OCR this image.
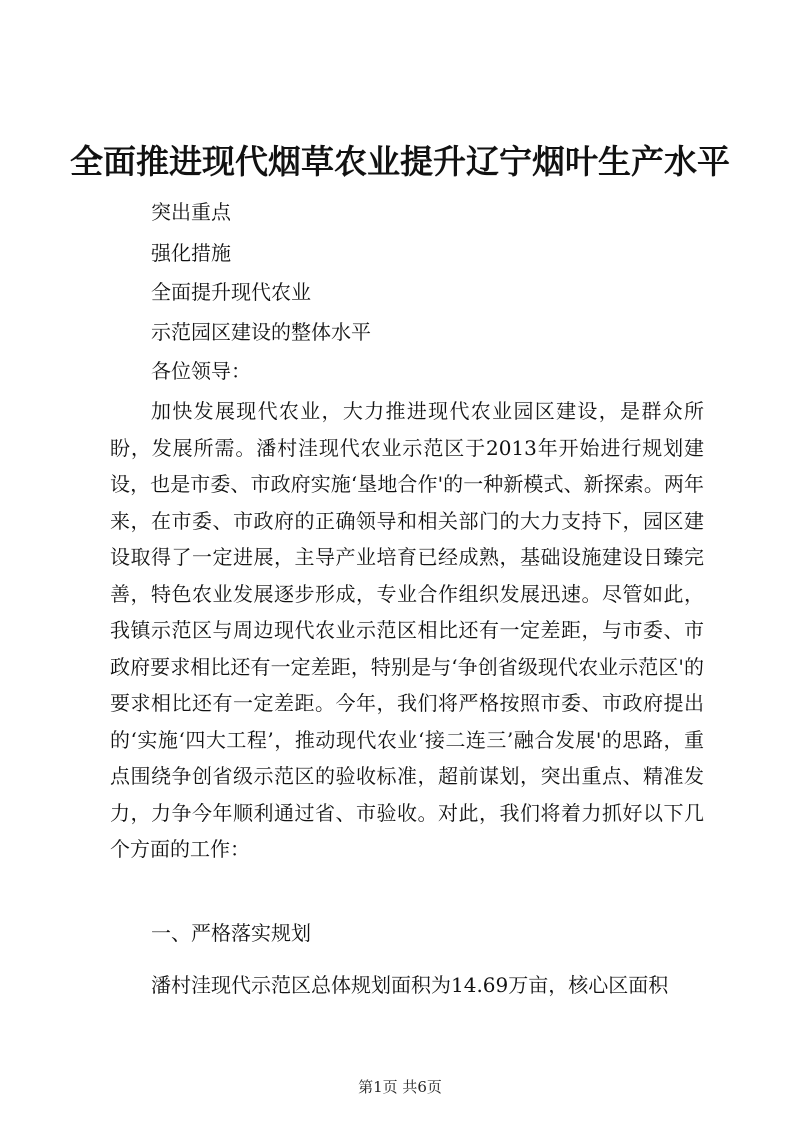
全面推进现代烟草农业提升辽宁烟叶生产水平

突出重点

强化措施

全面提升现代农业

示范园区建设的整体水平

各位领导：

加快发展现代农业，大力推进现代农业园区建设，是群众所盼，发展所需。潘村洼现代农业示范区于2013年开始进行规划建设，也是市委、市政府实施‘垦地合作'的一种新模式、新探索。两年来，在市委、市政府的正确领导和相关部门的大力支持下，园区建设取得了一定进展，主导产业培育已经成熟，基础设施建设日臻完善，特色农业发展逐步形成，专业合作组织发展迅速。尽管如此，我镇示范区与周边现代农业示范区相比还有一定差距，与市委、市政府要求相比还有一定差距，特别是与‘争创省级现代农业示范区'的要求相比还有一定差距。今年，我们将严格按照市委、市政府提出的‘实施‘四大工程’，推动现代农业‘接二连三’融合发展'的思路，重点围绕争创省级示范区的验收标准，超前谋划，突出重点、精准发力，力争今年顺利通过省、市验收。对此，我们将着力抓好以下几个方面的工作：

一、严格落实规划

潘村洼现代示范区总体规划面积为14.69万亩，核心区面积

第1页 共6页
